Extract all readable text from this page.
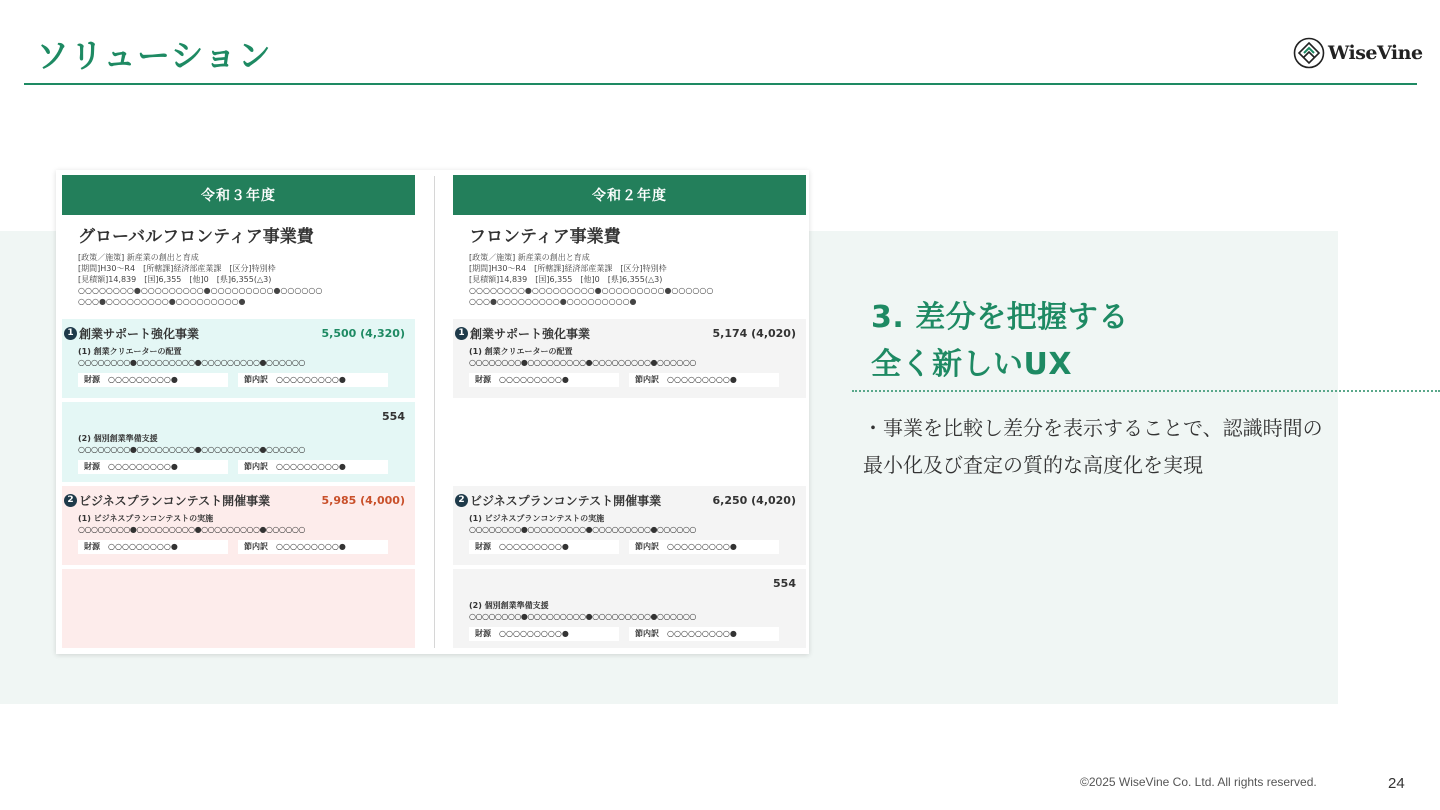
ソリューション	WiseVine
令和３年度
グローバルフロンティア事業費
[政策／施策] 新産業の創出と育成
[期間]H30～R4　[所轄課]経済部産業課　[区分]特別枠
[見積額]14,839　[国]6,355　[他]0　[県]6,355(△3)
○○○○○○○○●○○○○○○○○○●○○○○○○○○○●○○○○○○
○○○●○○○○○○○○○●○○○○○○○○○●
1 創業サポート強化事業	5,500 (4,320)
(1) 創業クリエーターの配置
○○○○○○○○●○○○○○○○○○●○○○○○○○○○●○○○○○○
財源 ○○○○○○○○○●	節内訳 ○○○○○○○○○●
554
(2) 個別創業準備支援
○○○○○○○○●○○○○○○○○○●○○○○○○○○○●○○○○○○
財源 ○○○○○○○○○●	節内訳 ○○○○○○○○○●
2 ビジネスプランコンテスト開催事業	5,985 (4,000)
(1) ビジネスプランコンテストの実施
○○○○○○○○●○○○○○○○○○●○○○○○○○○○●○○○○○○
財源 ○○○○○○○○○●	節内訳 ○○○○○○○○○●
令和２年度
フロンティア事業費
[政策／施策] 新産業の創出と育成
[期間]H30～R4　[所轄課]経済部産業課　[区分]特別枠
[見積額]14,839　[国]6,355　[他]0　[県]6,355(△3)
○○○○○○○○●○○○○○○○○○●○○○○○○○○○●○○○○○○
○○○●○○○○○○○○○●○○○○○○○○○●
1 創業サポート強化事業	5,174 (4,020)
(1) 創業クリエーターの配置
○○○○○○○○●○○○○○○○○○●○○○○○○○○○●○○○○○○
財源 ○○○○○○○○○●	節内訳 ○○○○○○○○○●
2 ビジネスプランコンテスト開催事業	6,250 (4,020)
(1) ビジネスプランコンテストの実施
○○○○○○○○●○○○○○○○○○●○○○○○○○○○●○○○○○○
財源 ○○○○○○○○○●	節内訳 ○○○○○○○○○●
554
(2) 個別創業準備支援
○○○○○○○○●○○○○○○○○○●○○○○○○○○○●○○○○○○
財源 ○○○○○○○○○●	節内訳 ○○○○○○○○○●
3. 差分を把握する
全く新しいUX
・事業を比較し差分を表示することで、認識時間の最小化及び査定の質的な高度化を実現
©2025 WiseVine Co. Ltd. All rights reserved.	24
